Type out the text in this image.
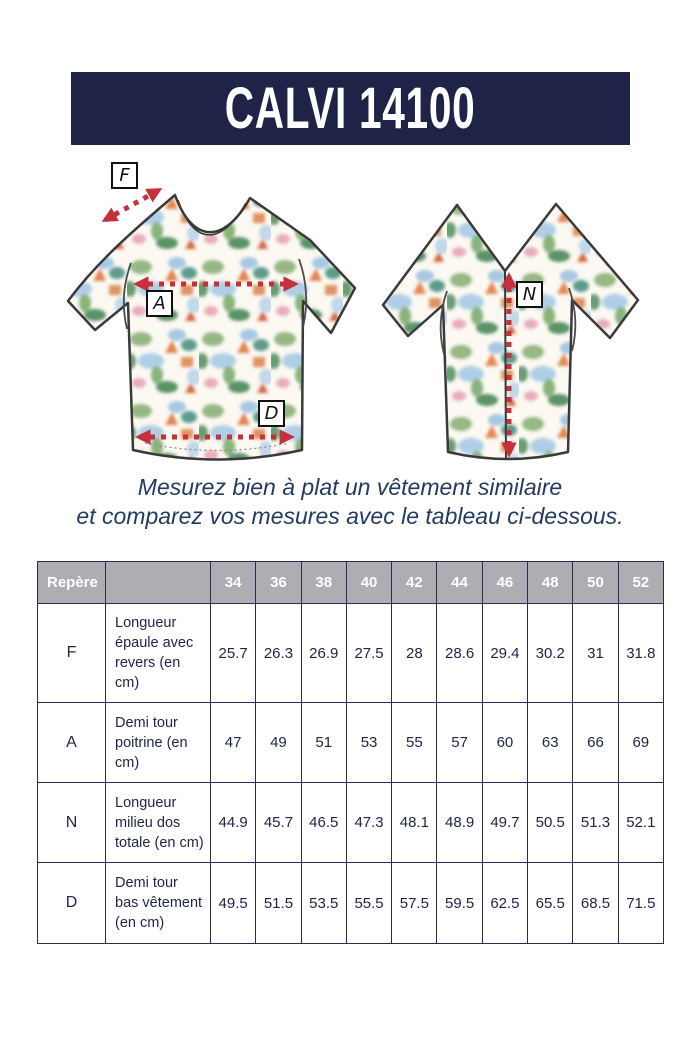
CALVI 14100
F
A
D
N
Mesurez bien à plat un vêtement similaire
et comparez vos mesures avec le tableau ci-dessous.
Repère		34	36	38	40	42	44	46	48	50	52
F	Longueur épaule avec revers (en cm)	25.7	26.3	26.9	27.5	28	28.6	29.4	30.2	31	31.8
A	Demi tour poitrine (en cm)	47	49	51	53	55	57	60	63	66	69
N	Longueur milieu dos totale (en cm)	44.9	45.7	46.5	47.3	48.1	48.9	49.7	50.5	51.3	52.1
D	Demi tour bas vêtement (en cm)	49.5	51.5	53.5	55.5	57.5	59.5	62.5	65.5	68.5	71.5
